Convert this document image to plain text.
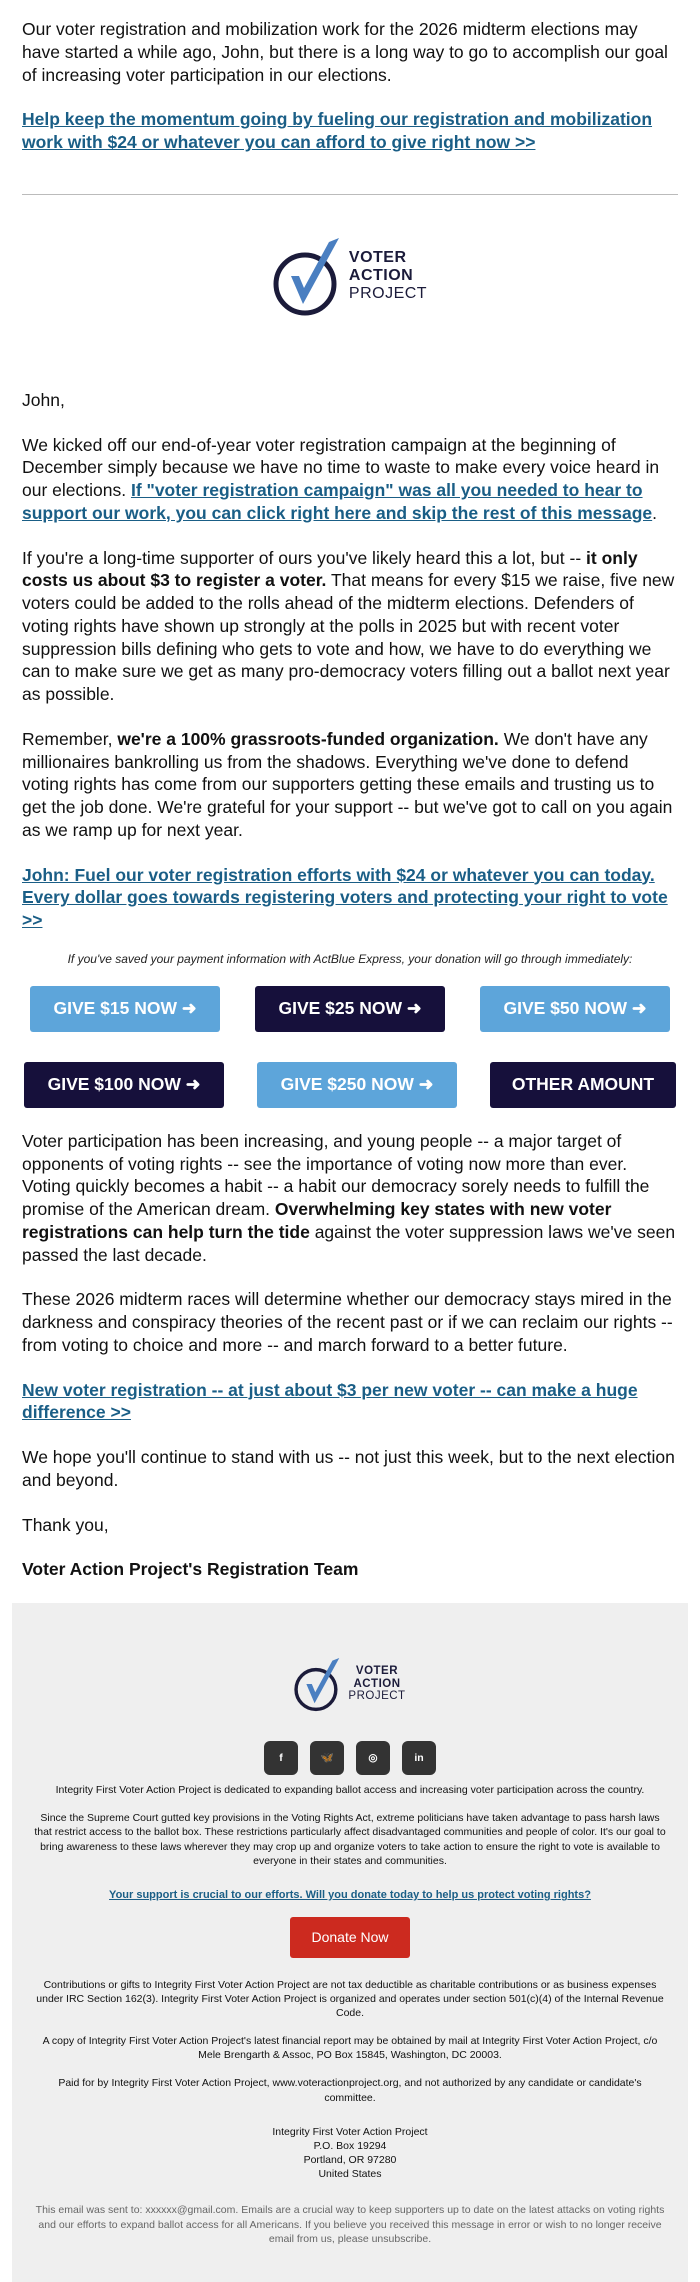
Our voter registration and mobilization work for the 2026 midterm elections may have started a while ago, John, but there is a long way to go to accomplish our goal of increasing voter participation in our elections.

Help keep the momentum going by fueling our registration and mobilization work with $24 or whatever you can afford to give right now >>

VOTER
ACTION
PROJECT

John,

We kicked off our end-of-year voter registration campaign at the beginning of December simply because we have no time to waste to make every voice heard in our elections. If "voter registration campaign" was all you needed to hear to support our work, you can click right here and skip the rest of this message.

If you're a long-time supporter of ours you've likely heard this a lot, but -- it only costs us about $3 to register a voter. That means for every $15 we raise, five new voters could be added to the rolls ahead of the midterm elections. Defenders of voting rights have shown up strongly at the polls in 2025 but with recent voter suppression bills defining who gets to vote and how, we have to do everything we can to make sure we get as many pro-democracy voters filling out a ballot next year as possible.

Remember, we're a 100% grassroots-funded organization. We don't have any millionaires bankrolling us from the shadows. Everything we've done to defend voting rights has come from our supporters getting these emails and trusting us to get the job done. We're grateful for your support -- but we've got to call on you again as we ramp up for next year.

John: Fuel our voter registration efforts with $24 or whatever you can today. Every dollar goes towards registering voters and protecting your right to vote >>

If you've saved your payment information with ActBlue Express, your donation will go through immediately:

GIVE $15 NOW ➜	GIVE $25 NOW ➜	GIVE $50 NOW ➜
GIVE $100 NOW ➜	GIVE $250 NOW ➜	OTHER AMOUNT

Voter participation has been increasing, and young people -- a major target of opponents of voting rights -- see the importance of voting now more than ever. Voting quickly becomes a habit -- a habit our democracy sorely needs to fulfill the promise of the American dream. Overwhelming key states with new voter registrations can help turn the tide against the voter suppression laws we've seen passed the last decade.

These 2026 midterm races will determine whether our democracy stays mired in the darkness and conspiracy theories of the recent past or if we can reclaim our rights -- from voting to choice and more -- and march forward to a better future.

New voter registration -- at just about $3 per new voter -- can make a huge difference >>

We hope you'll continue to stand with us -- not just this week, but to the next election and beyond.

Thank you,

Voter Action Project's Registration Team

VOTER
ACTION
PROJECT
f	🦋	◎	in

Integrity First Voter Action Project is dedicated to expanding ballot access and increasing voter participation across the country.

Since the Supreme Court gutted key provisions in the Voting Rights Act, extreme politicians have taken advantage to pass harsh laws that restrict access to the ballot box. These restrictions particularly affect disadvantaged communities and people of color. It's our goal to bring awareness to these laws wherever they may crop up and organize voters to take action to ensure the right to vote is available to everyone in their states and communities.

Your support is crucial to our efforts. Will you donate today to help us protect voting rights?

Donate Now

Contributions or gifts to Integrity First Voter Action Project are not tax deductible as charitable contributions or as business expenses under IRC Section 162(3). Integrity First Voter Action Project is organized and operates under section 501(c)(4) of the Internal Revenue Code.

A copy of Integrity First Voter Action Project's latest financial report may be obtained by mail at Integrity First Voter Action Project, c/o Mele Brengarth & Assoc, PO Box 15845, Washington, DC 20003.

Paid for by Integrity First Voter Action Project, www.voteractionproject.org, and not authorized by any candidate or candidate's committee.

Integrity First Voter Action Project
P.O. Box 19294
Portland, OR 97280
United States

This email was sent to: xxxxxx@gmail.com. Emails are a crucial way to keep supporters up to date on the latest attacks on voting rights and our efforts to expand ballot access for all Americans. If you believe you received this message in error or wish to no longer receive email from us, please unsubscribe.
